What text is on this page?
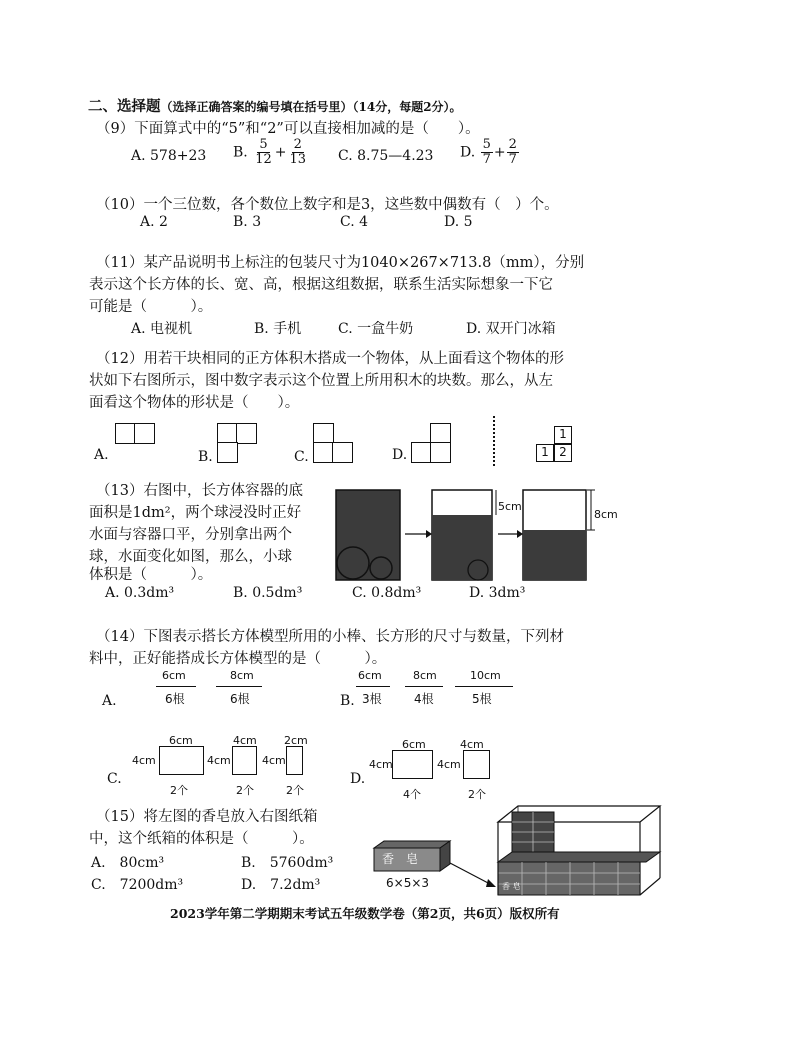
二、选择题（选择正确答案的编号填在括号里）（14分，每题2分）。
（9）下面算式中的“5”和“2”可以直接相加减的是（　　）。
A. 578+23 B. $\frac{5}{12} + \frac{2}{13} C$. 8.75—4.23 D. $\frac{5}{7} + \frac{2}{7}$
（10）一个三位数，各个数位上数字和是3，这些数中偶数有（　）个。
A. 2	B. 3	C. 4	D. 5
（11）某产品说明书上标注的包装尺寸为1040×267×713.8（mm），分别
表示这个长方体的长、宽、高，根据这组数据，联系生活实际想象一下它
可能是（　　　）。
A. 电视机	B. 手机	C. 一盒牛奶	D. 双开门冰箱
（12）用若干块相同的正方体积木搭成一个物体，从上面看这个物体的形
状如下右图所示，图中数字表示这个位置上所用积木的块数。那么，从左
面看这个物体的形状是（　　）。
A.	B.	C.	D.
1
1 2
（13）右图中，长方体容器的底
面积是1dm²，两个球浸没时正好
水面与容器口平，分别拿出两个
球，水面变化如图，那么，小球
体积是（　　　）。
A. 0.3dm³	B. 0.5dm³	C. 0.8dm³	D. 3dm³
5cm
8cm
（14）下图表示搭长方体模型所用的小棒、长方形的尺寸与数量，下列材
料中，正好能搭成长方体模型的是（　　　）。
A.
6cm
6根
8cm
6根	B.
6cm
3根
8cm
4根
10cm
5根
C.
6cm
4cm
2个
4cm
4cm
2个
2cm
4cm
2个
D.
6cm
4cm
4个
4cm
4cm
2个
（15）将左图的香皂放入右图纸箱
中，这个纸箱的体积是（　　　）。
A.　80cm³	B.　5760dm³
C.　7200dm³	D.　7.2dm³
香　皂
6×5×3	香 皂
2023学年第二学期期末考试五年级数学卷（第2页，共6页）版权所有
